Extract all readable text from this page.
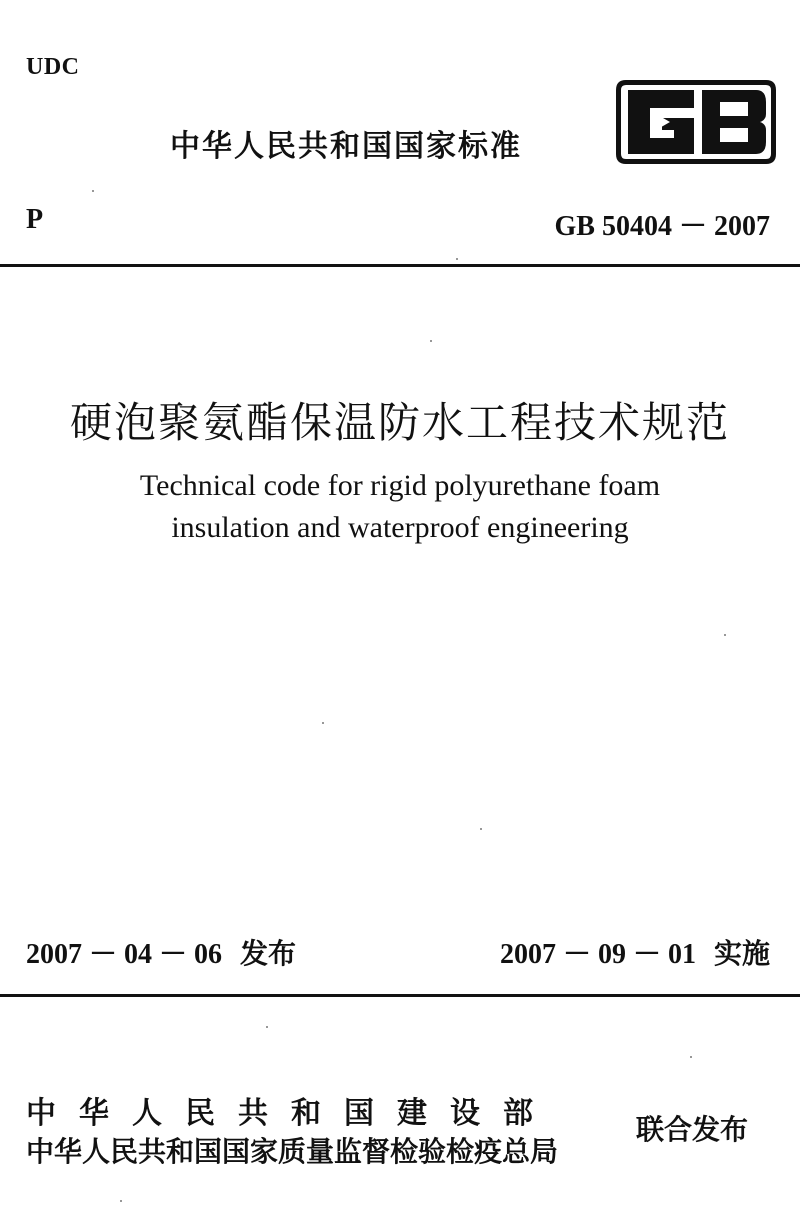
UDC
中华人民共和国国家标准
P	GB 50404 － 2007
硬泡聚氨酯保温防水工程技术规范
Technical code for rigid polyurethane foam
insulation and waterproof engineering
2007 － 04 － 06 发布	2007 － 09 － 01 实施
中华人民共和国建设部
中华人民共和国国家质量监督检验检疫总局
联合发布
